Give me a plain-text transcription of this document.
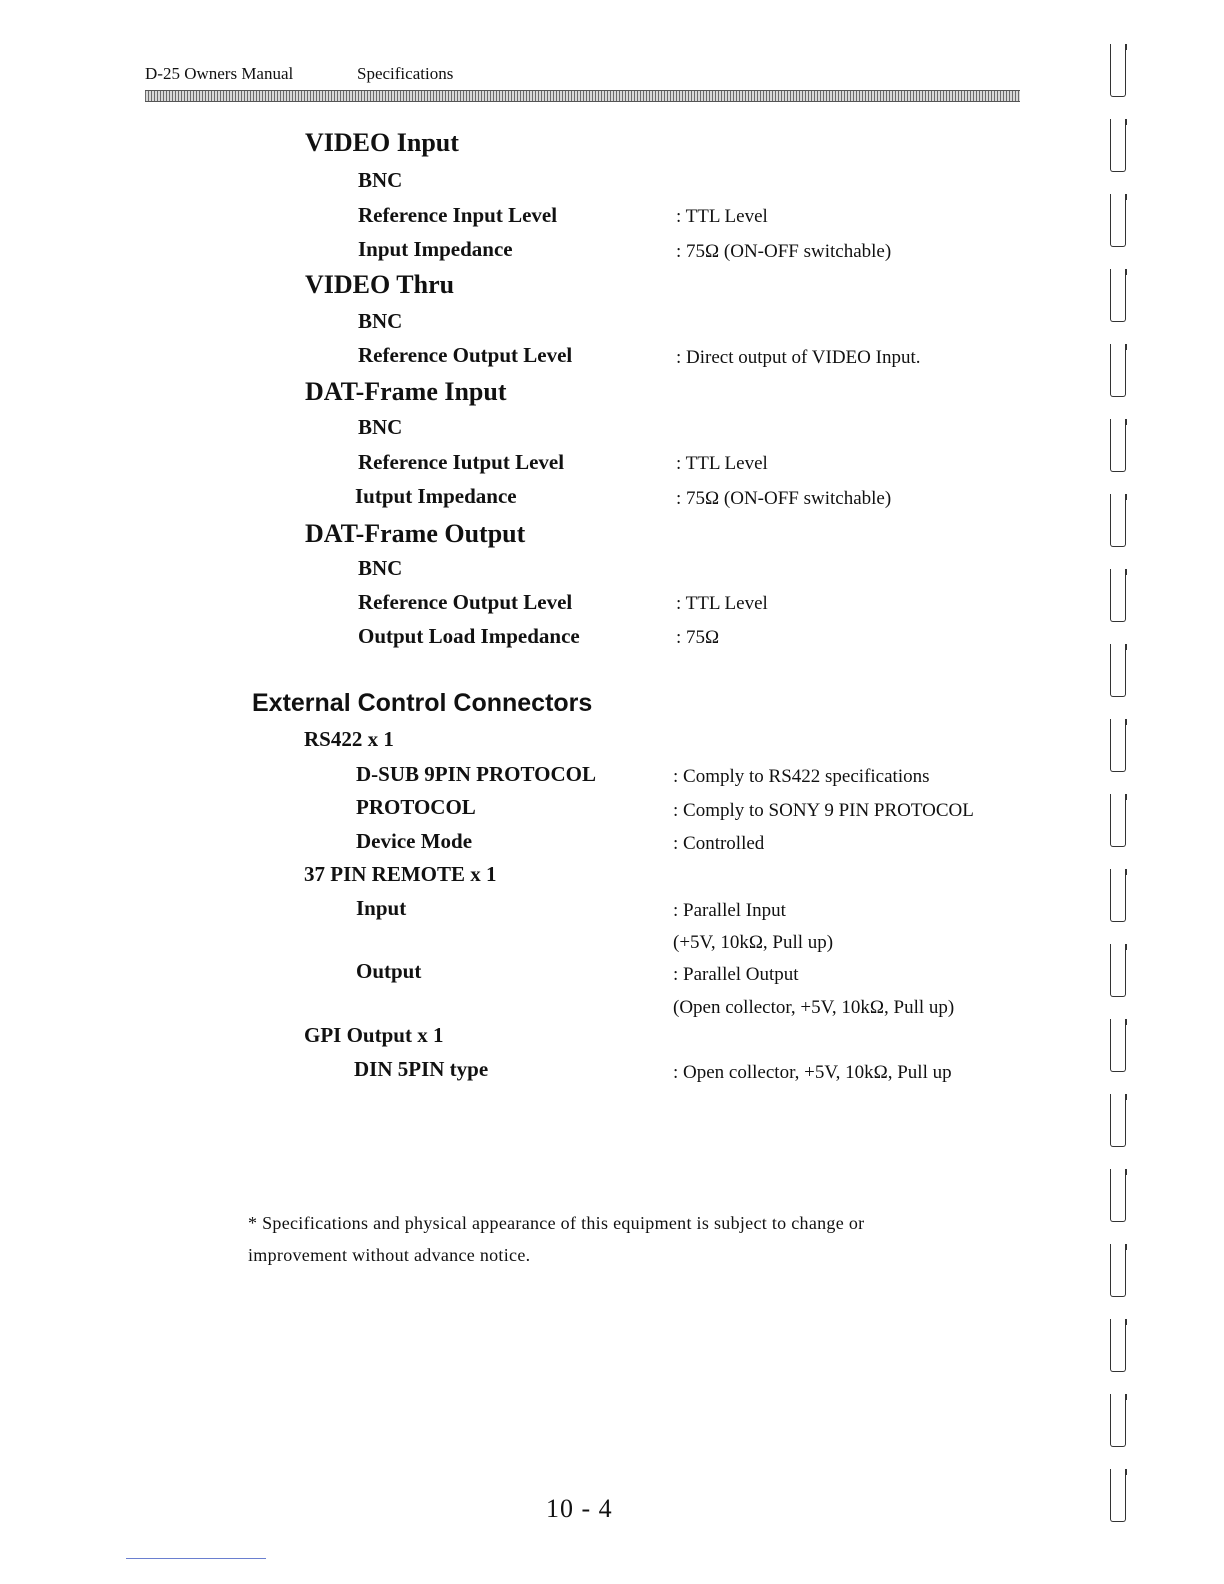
D-25 Owners Manual	Specifications
VIDEO Input
BNC
Reference Input Level	: TTL Level
Input Impedance	: 75Ω (ON-OFF switchable)
VIDEO Thru
BNC
Reference Output Level	: Direct output of VIDEO Input.
DAT-Frame Input
BNC
Reference Iutput Level	: TTL Level
Iutput Impedance	: 75Ω (ON-OFF switchable)
DAT-Frame Output
BNC
Reference Output Level	: TTL Level
Output Load Impedance	: 75Ω
External Control Connectors
RS422 x 1
D-SUB 9PIN PROTOCOL	: Comply to RS422 specifications
PROTOCOL	: Comply to SONY 9 PIN PROTOCOL
Device Mode	: Controlled
37 PIN REMOTE x 1
Input	: Parallel Input
(+5V, 10kΩ, Pull up)
Output	: Parallel Output
(Open collector, +5V, 10kΩ, Pull up)
GPI Output x 1
DIN 5PIN type	: Open collector, +5V, 10kΩ, Pull up
* Specifications and physical appearance of this equipment is subject to change or
improvement without advance notice.
10 - 4
